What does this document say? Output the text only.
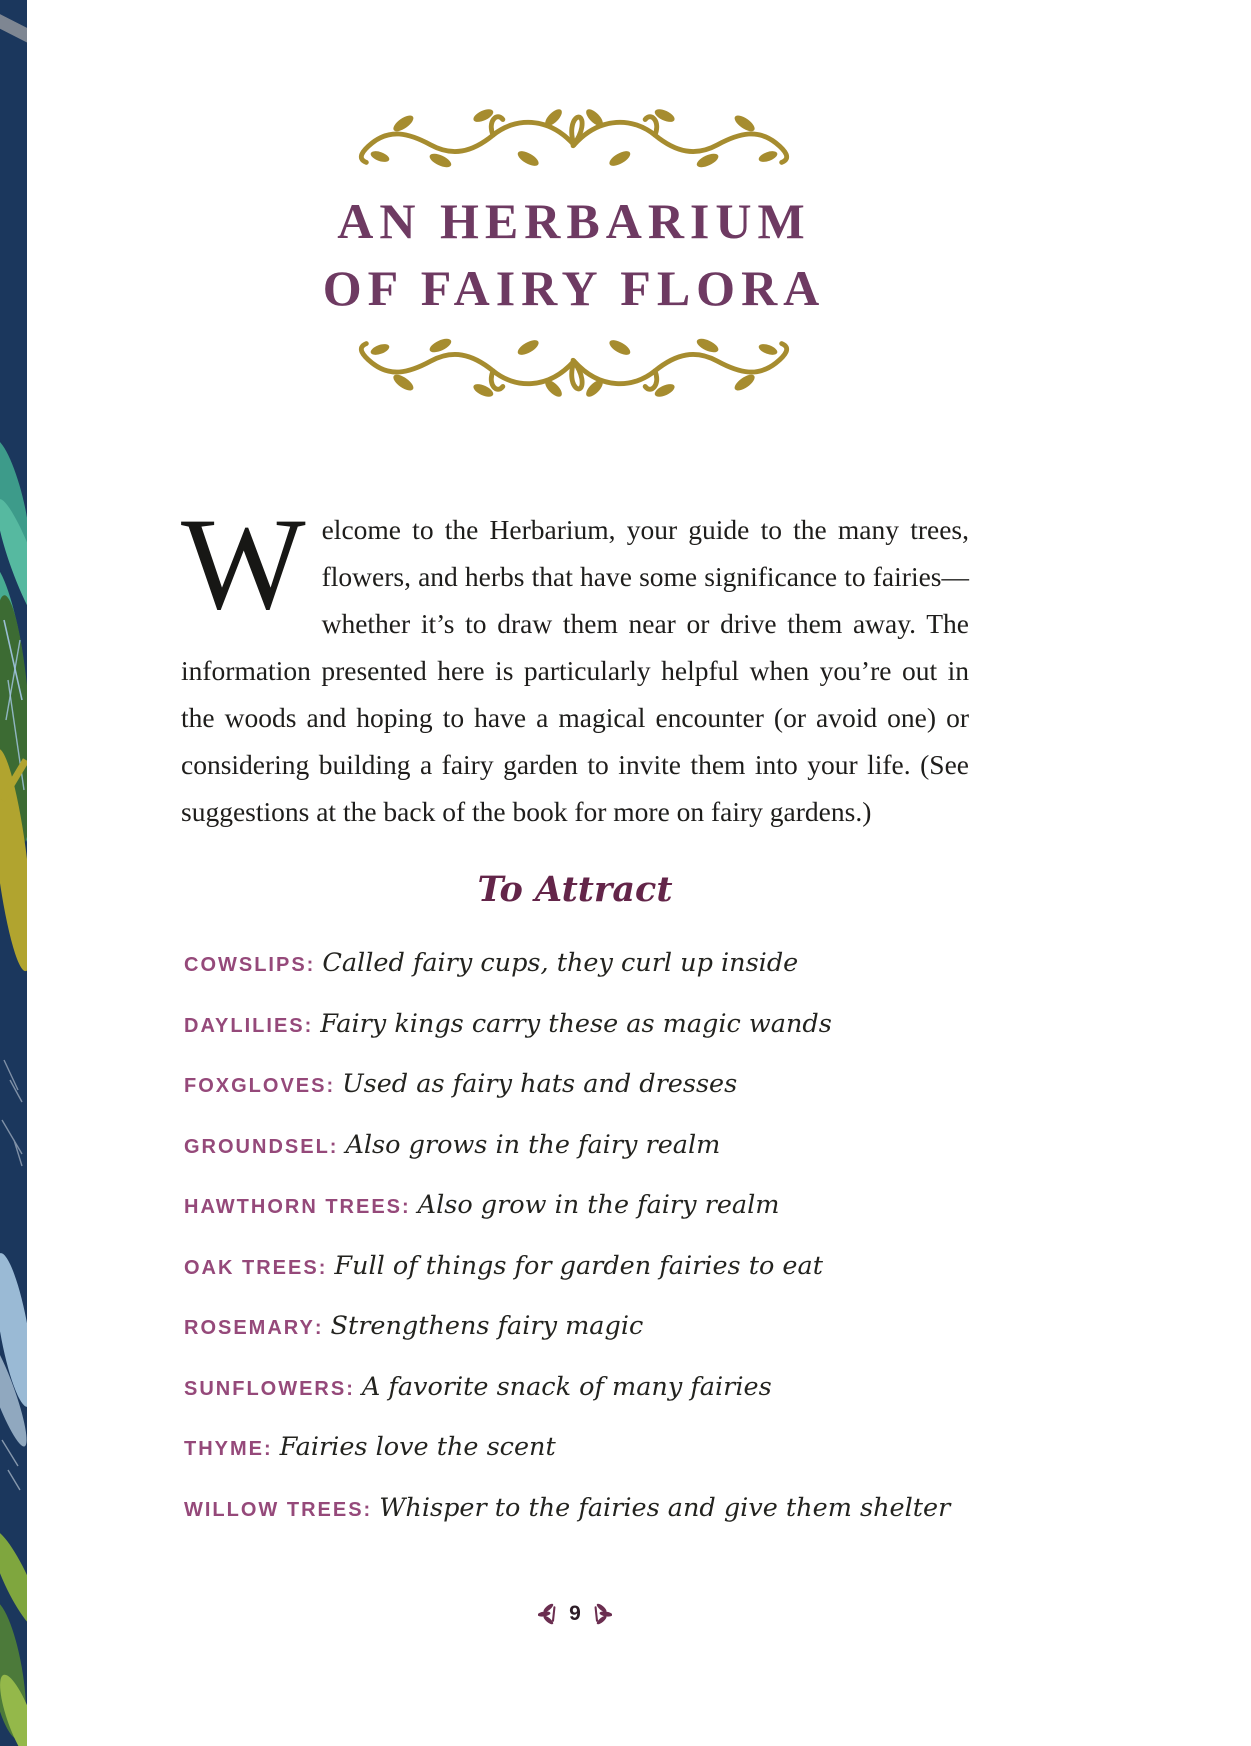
AN HERBARIUM
OF FAIRY FLORA

Welcome to the Herbarium, your guide to the many trees, flowers, and herbs that have some significance to fairies—whether it’s to draw them near or drive them away. The information presented here is particularly helpful when you’re out in the woods and hoping to have a magical encounter (or avoid one) or considering building a fairy garden to invite them into your life. (See suggestions at the back of the book for more on fairy gardens.)

To Attract
COWSLIPS : Called fairy cups, they curl up inside
DAYLILIES : Fairy kings carry these as magic wands
FOXGLOVES : Used as fairy hats and dresses
GROUNDSEL : Also grows in the fairy realm
HAWTHORN TREES : Also grow in the fairy realm
OAK TREES : Full of things for garden fairies to eat
ROSEMARY : Strengthens fairy magic
SUNFLOWERS : A favorite snack of many fairies
THYME : Fairies love the scent
WILLOW TREES : Whisper to the fairies and give them shelter
9
